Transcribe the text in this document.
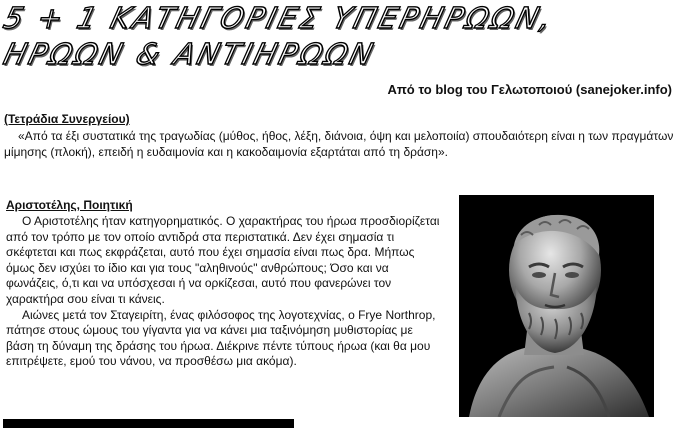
5 + 1 ΚΑΤΗΓΟΡΙΕΣ ΥΠΕΡΗΡΩΩΝ,
ΗΡΩΩΝ & ΑΝΤΙΗΡΩΩΝ
Από το blog του Γελωτοποιού (sanejoker.info)
(Τετράδια Συνεργείου)

«Από τα έξι συστατικά της τραγωδίας (μύθος, ήθος, λέξη, διάνοια, όψη και μελοποιία) σπουδαιότερη είναι η των πραγμάτων μίμησης (πλοκή), επειδή η ευδαιμονία και η κακοδαιμονία εξαρτάται από τη δράση».

Αριστοτέλης, Ποιητική

Ο Αριστοτέλης ήταν κατηγορηματικός. Ο χαρακτήρας του ήρωα προσδιορίζεται από τον τρόπο με τον οποίο αντιδρά στα περιστατικά. Δεν έχει σημασία τι σκέφτεται και πως εκφράζεται, αυτό που έχει σημασία είναι πως δρα. Μήπως όμως δεν ισχύει το ίδιο και για τους "αληθινούς" ανθρώπους; Όσο και να φωνάζεις, ό,τι και να υπόσχεσαι ή να ορκίζεσαι, αυτό που φανερώνει τον χαρακτήρα σου είναι τι κάνεις.

Αιώνες μετά τον Σταγειρίτη, ένας φιλόσοφος της λογοτεχνίας, ο Frye Northrop, πάτησε στους ώμους του γίγαντα για να κάνει μια ταξινόμηση μυθιστορίας με βάση τη δύναμη της δράσης του ήρωα. Διέκρινε πέντε τύπους ήρωα (και θα μου επιτρέψετε, εμού του νάνου, να προσθέσω μια ακόμα).
